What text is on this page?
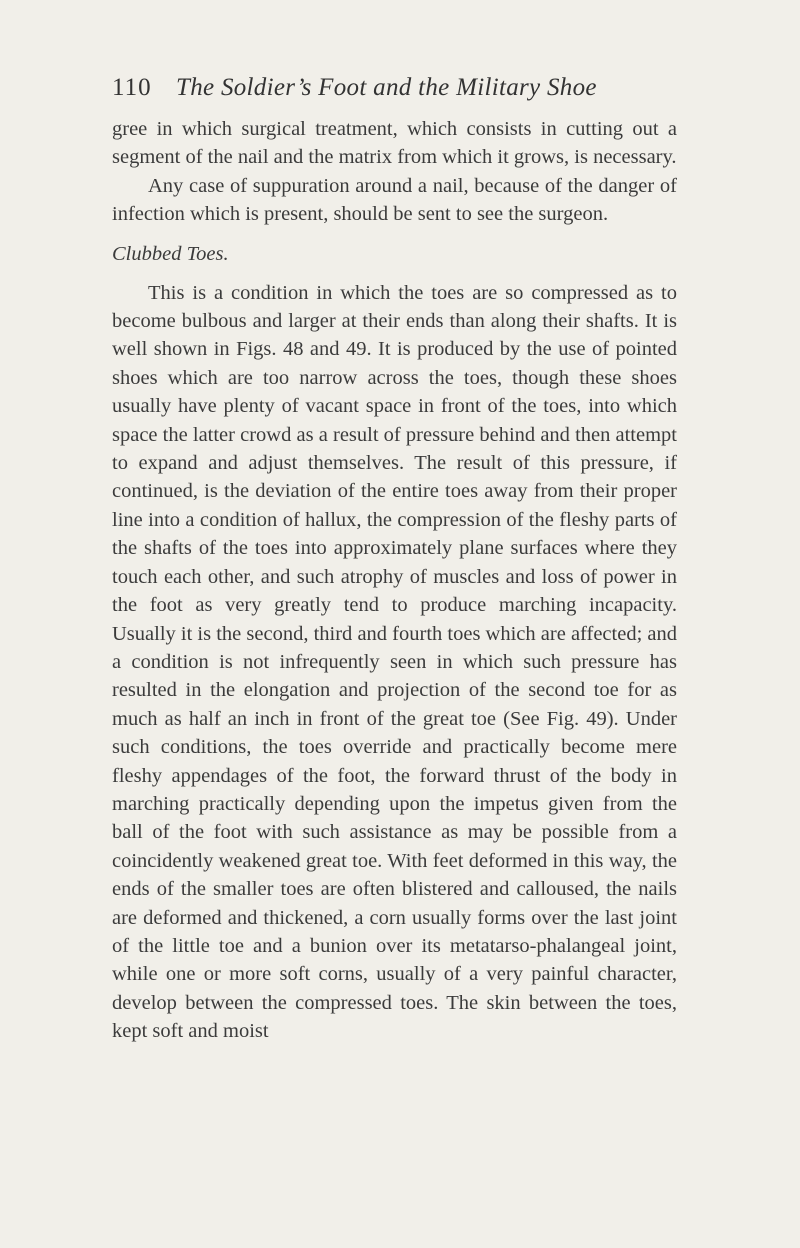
110 The Soldier’s Foot and the Military Shoe

gree in which surgical treatment, which consists in cutting out a segment of the nail and the matrix from which it grows, is necessary.

Any case of suppuration around a nail, because of the danger of infection which is present, should be sent to see the surgeon.

Clubbed Toes.

This is a condition in which the toes are so compressed as to become bulbous and larger at their ends than along their shafts. It is well shown in Figs. 48 and 49. It is produced by the use of pointed shoes which are too narrow across the toes, though these shoes usually have plenty of vacant space in front of the toes, into which space the latter crowd as a result of pressure behind and then attempt to expand and adjust themselves. The result of this pressure, if continued, is the deviation of the entire toes away from their proper line into a condition of hallux, the compression of the fleshy parts of the shafts of the toes into approximately plane surfaces where they touch each other, and such atrophy of muscles and loss of power in the foot as very greatly tend to produce marching incapacity. Usually it is the second, third and fourth toes which are affected; and a condition is not infrequently seen in which such pressure has resulted in the elongation and projection of the second toe for as much as half an inch in front of the great toe (See Fig. 49). Under such conditions, the toes override and practically become mere fleshy appendages of the foot, the forward thrust of the body in marching practically depending upon the impetus given from the ball of the foot with such assistance as may be possible from a coincidently weakened great toe. With feet deformed in this way, the ends of the smaller toes are often blistered and calloused, the nails are deformed and thickened, a corn usually forms over the last joint of the little toe and a bunion over its metatarso-phalangeal joint, while one or more soft corns, usually of a very painful character, develop between the compressed toes. The skin between the toes, kept soft and moist
